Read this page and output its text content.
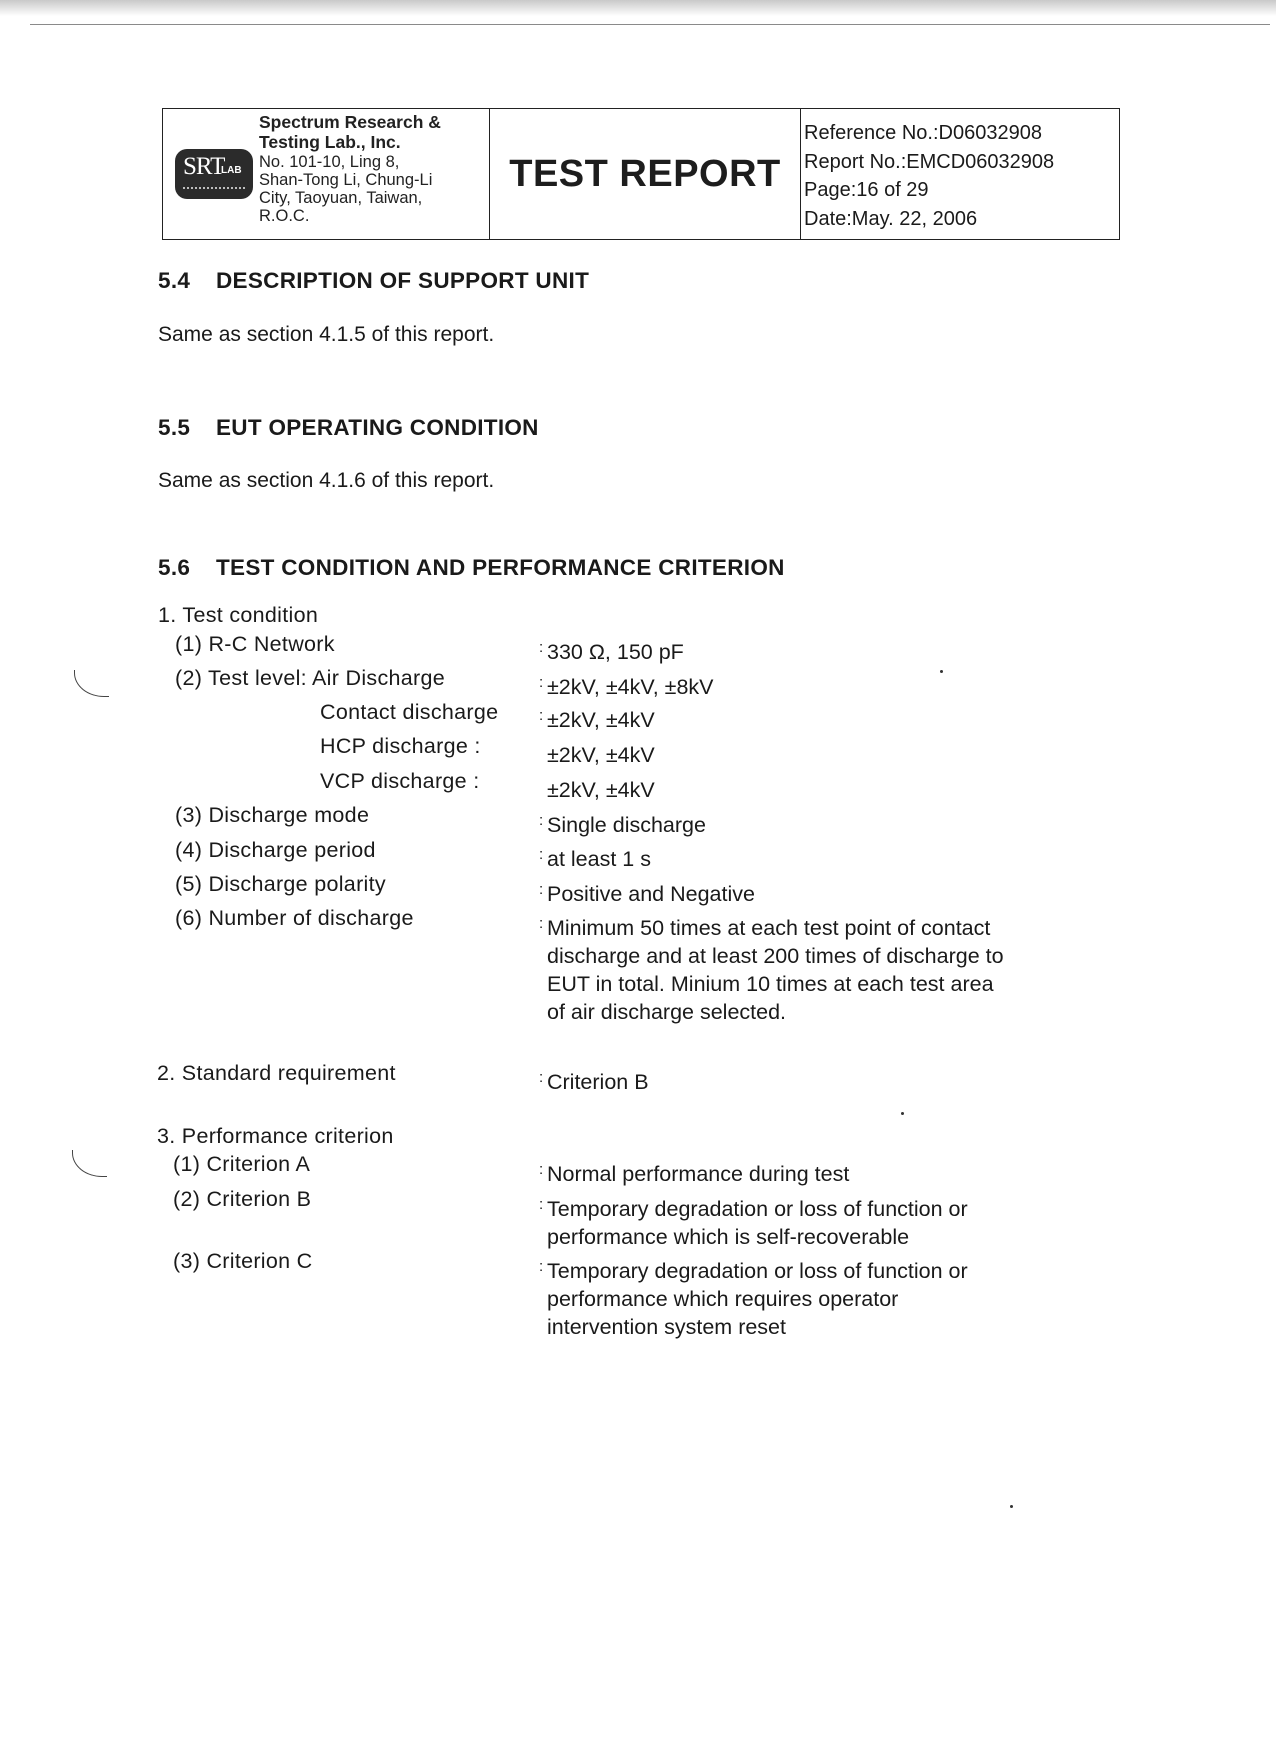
SRT
LAB
Spectrum Research &
Testing Lab., Inc.
No. 101-10, Ling 8,
Shan-Tong Li, Chung-Li
City, Taoyuan, Taiwan,
R.O.C.
TEST REPORT
Reference No.:D06032908
Report No.:EMCD06032908
Page:16 of 29
Date:May. 22, 2006
5.4 DESCRIPTION OF SUPPORT UNIT
Same as section 4.1.5 of this report.
5.5 EUT OPERATING CONDITION
Same as section 4.1.6 of this report.
5.6 TEST CONDITION AND PERFORMANCE CRITERION
1. Test condition
(1) R-C Network	: 330 Ω, 150 pF
(2) Test level: Air Discharge	: ±2kV, ±4kV, ±8kV
Contact discharge	: ±2kV, ±4kV
HCP discharge :	±2kV, ±4kV
VCP discharge :	±2kV, ±4kV
(3) Discharge mode	: Single discharge
(4) Discharge period	: at least 1 s
(5) Discharge polarity	: Positive and Negative
(6) Number of discharge	: Minimum 50 times at each test point of contact
discharge and at least 200 times of discharge to
EUT in total. Minium 10 times at each test area
of air discharge selected.
2. Standard requirement	: Criterion B
3. Performance criterion
(1) Criterion A	: Normal performance during test
(2) Criterion B	: Temporary degradation or loss of function or
performance which is self-recoverable
(3) Criterion C	: Temporary degradation or loss of function or
performance which requires operator
intervention system reset
